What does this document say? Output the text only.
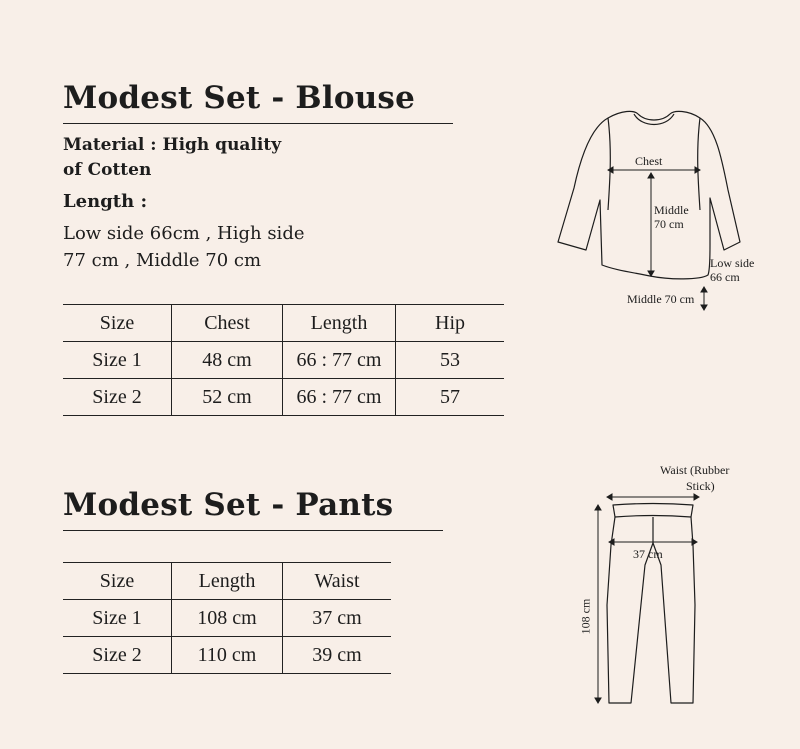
Modest Set - Blouse
Material : High quality
of Cotten
Length :
Low side 66cm , High side
77 cm , Middle 70 cm
Size	Chest	Length	Hip
Size 1	48 cm	66 : 77 cm	53
Size 2	52 cm	66 : 77 cm	57
Chest
Middle
70 cm
Low side
66 cm
Middle 70 cm
Modest Set - Pants
Size	Length	Waist
Size 1	108 cm	37 cm
Size 2	110 cm	39 cm
Waist (Rubber
Stick)
37 cm
108 cm
